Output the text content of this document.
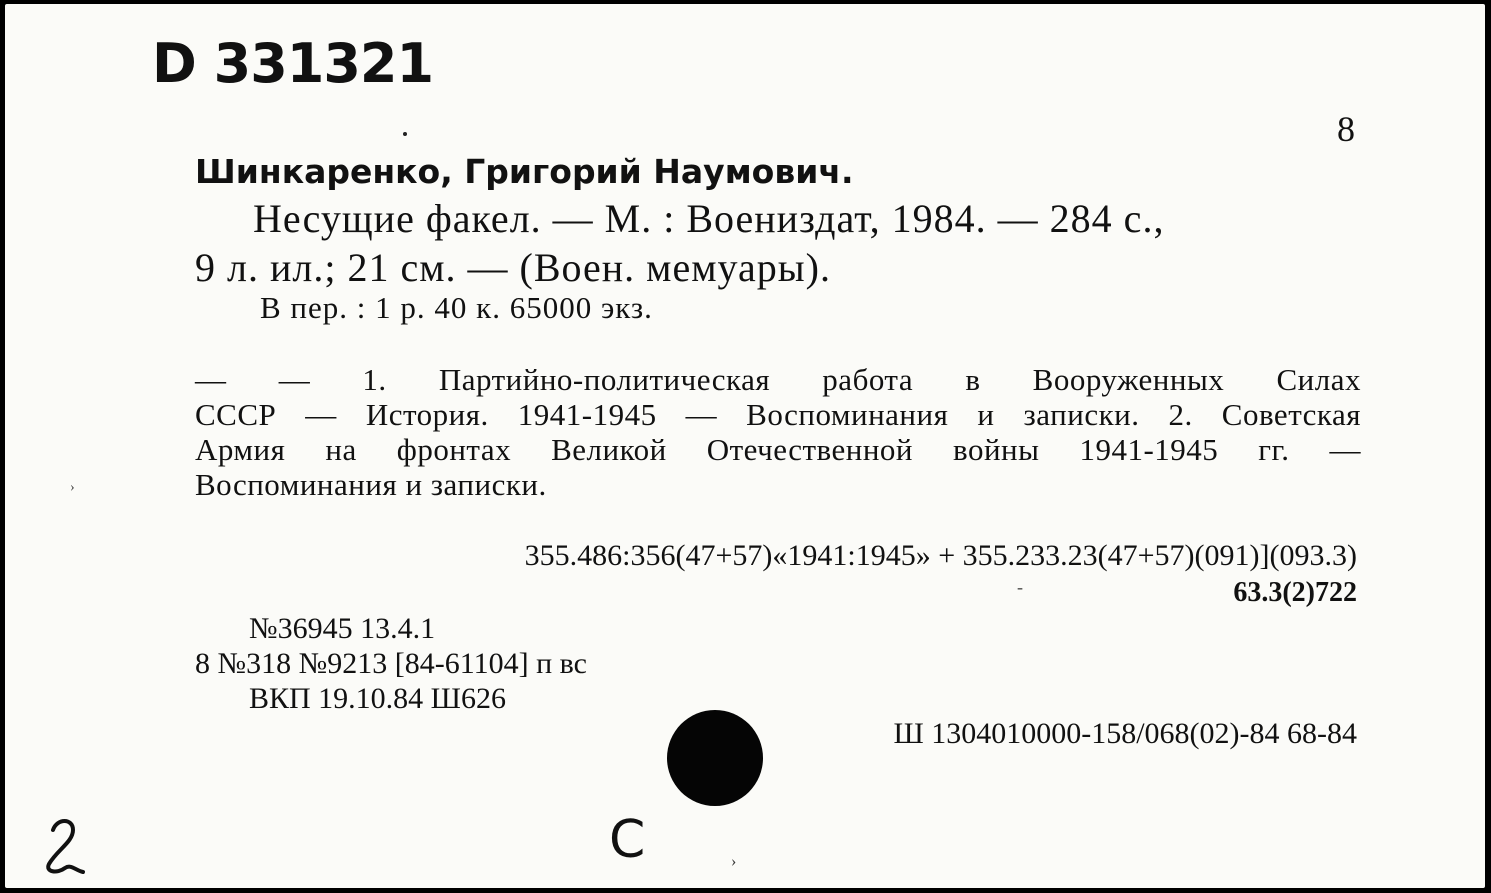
D 331321
8
Шинкаренко, Григорий Наумович.
Несущие факел. — М. : Воениздат, 1984. — 284 с.,
9 л. ил.; 21 см. — (Воен. мемуары).
В пер. : 1 р. 40 к. 65000 экз.
— — 1. Партийно-политическая работа в Вооруженных Силах
СССР — История. 1941-1945 — Воспоминания и записки. 2. Советская
Армия на фронтах Великой Отечественной войны 1941-1945 гг. —
Воспоминания и записки.
355.486:356(47+57)«1941:1945» + 355.233.23(47+57)(091)](093.3)
-	63.3(2)722
№36945 13.4.1
8 №318 №9213 [84-61104] п вс
ВКП 19.10.84 Ш626
Ш 1304010000-158/068(02)-84 68-84
С	›
›
